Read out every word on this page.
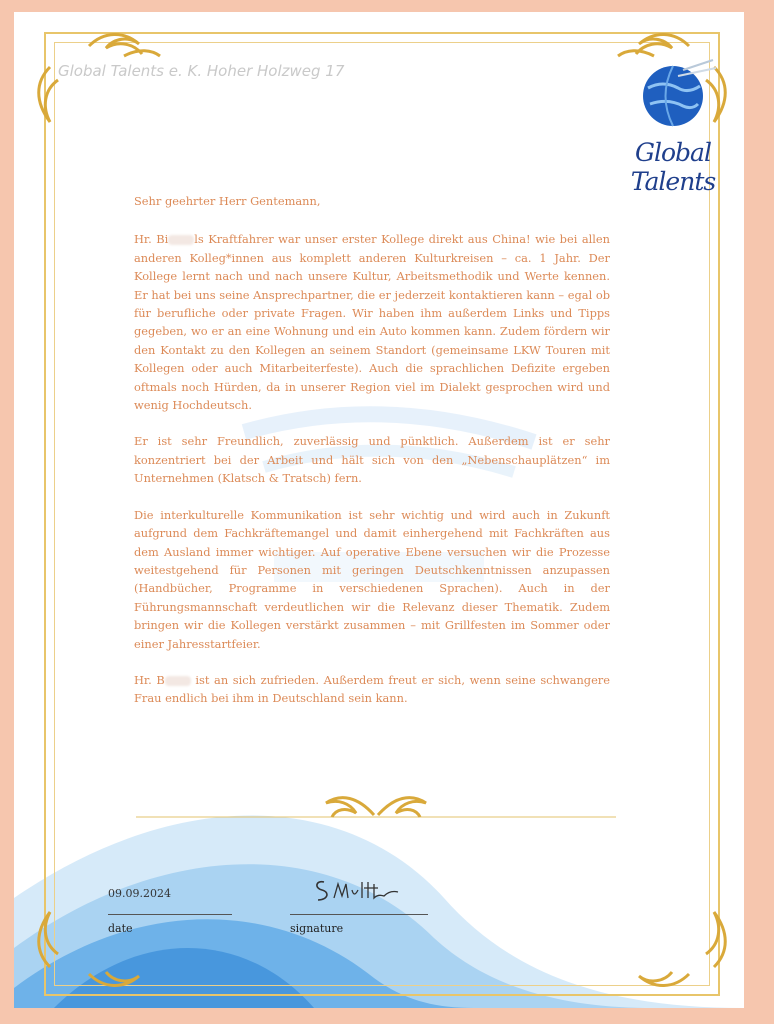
Global Talents e. K. Hoher Holzweg 17

Global Talents

Sehr geehrter Herr Gentemann,

Hr. Bi ls Kraftfahrer war unser erster Kollege direkt aus China! wie bei allen anderen Kolleg*innen aus komplett anderen Kulturkreisen – ca. 1 Jahr. Der Kollege lernt nach und nach unsere Kultur, Arbeitsmethodik und Werte kennen. Er hat bei uns seine Ansprechpartner, die er jederzeit kontaktieren kann – egal ob für berufliche oder private Fragen. Wir haben ihm außerdem Links und Tipps gegeben, wo er an eine Wohnung und ein Auto kommen kann. Zudem fördern wir den Kontakt zu den Kollegen an seinem Standort (gemeinsame LKW Touren mit Kollegen oder auch Mitarbeiterfeste). Auch die sprachlichen Defizite ergeben oftmals noch Hürden, da in unserer Region viel im Dialekt gesprochen wird und wenig Hochdeutsch.

Er ist sehr Freundlich, zuverlässig und pünktlich. Außerdem ist er sehr konzentriert bei der Arbeit und hält sich von den „Nebenschauplätzen“ im Unternehmen (Klatsch & Tratsch) fern.

Die interkulturelle Kommunikation ist sehr wichtig und wird auch in Zukunft aufgrund dem Fachkräftemangel und damit einhergehend mit Fachkräften aus dem Ausland immer wichtiger. Auf operative Ebene versuchen wir die Prozesse weitestgehend für Personen mit geringen Deutschkenntnissen anzupassen (Handbücher, Programme in verschiedenen Sprachen). Auch in der Führungsmannschaft verdeutlichen wir die Relevanz dieser Thematik. Zudem bringen wir die Kollegen verstärkt zusammen – mit Grillfesten im Sommer oder einer Jahresstartfeier.

Hr. B	ist an sich zufrieden. Außerdem freut er sich, wenn seine schwangere Frau endlich bei ihm in Deutschland sein kann.

09.09.2024

date	signature
